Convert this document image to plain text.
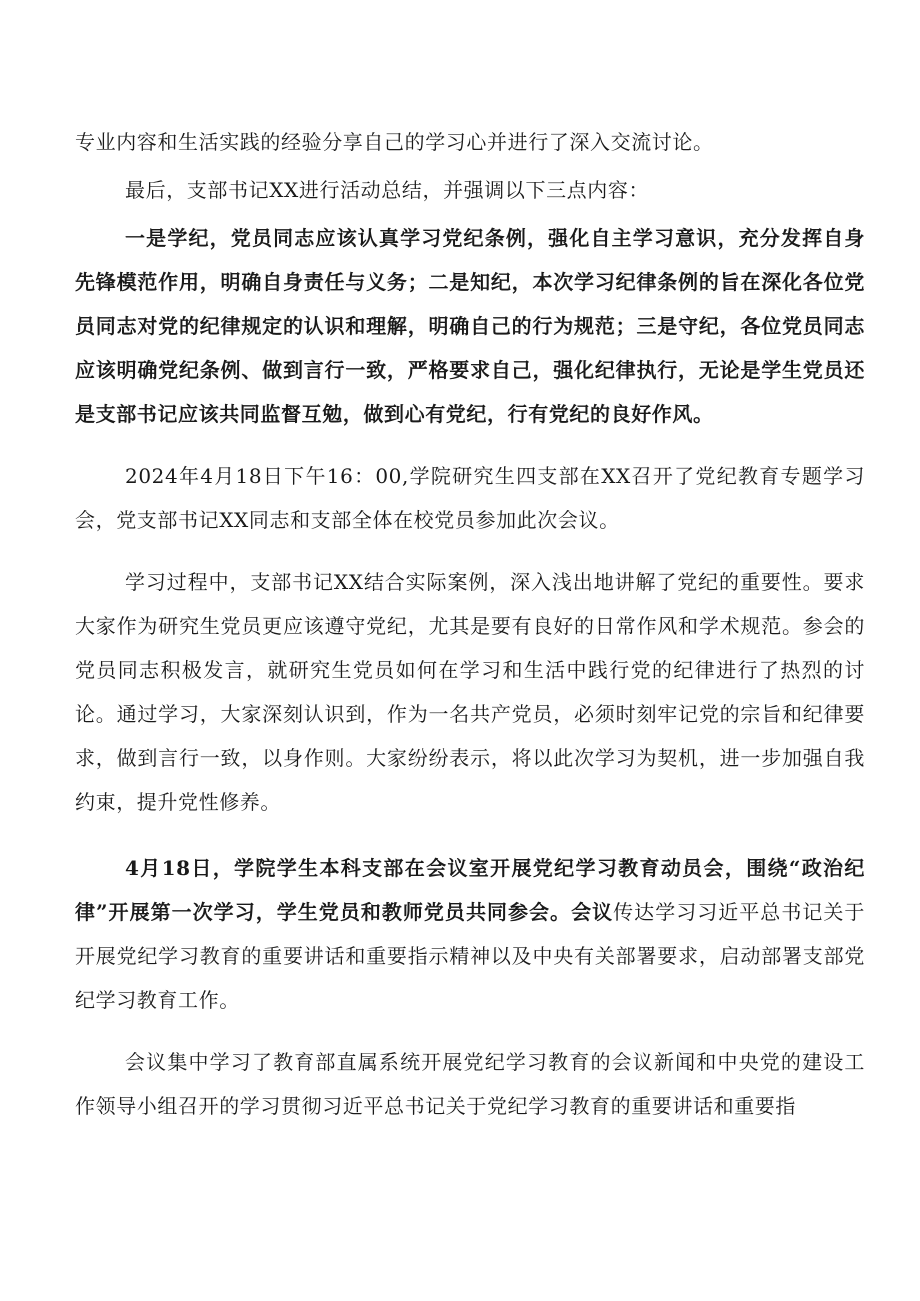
专业内容和生活实践的经验分享自己的学习心并进行了深入交流讨论。

最后，支部书记XX进行活动总结，并强调以下三点内容：

一是学纪，党员同志应该认真学习党纪条例，强化自主学习意识，充分发挥自身先锋模范作用，明确自身责任与义务；二是知纪，本次学习纪律条例的旨在深化各位党员同志对党的纪律规定的认识和理解，明确自己的行为规范；三是守纪，各位党员同志应该明确党纪条例、做到言行一致，严格要求自己，强化纪律执行，无论是学生党员还是支部书记应该共同监督互勉，做到心有党纪，行有党纪的良好作风。

2024年4月18日下午16：00,学院研究生四支部在XX召开了党纪教育专题学习会，党支部书记XX同志和支部全体在校党员参加此次会议。

学习过程中，支部书记XX结合实际案例，深入浅出地讲解了党纪的重要性。要求大家作为研究生党员更应该遵守党纪，尤其是要有良好的日常作风和学术规范。参会的党员同志积极发言，就研究生党员如何在学习和生活中践行党的纪律进行了热烈的讨论。通过学习，大家深刻认识到，作为一名共产党员，必须时刻牢记党的宗旨和纪律要求，做到言行一致，以身作则。大家纷纷表示，将以此次学习为契机，进一步加强自我约束，提升党性修养。

4月18日，学院学生本科支部在会议室开展党纪学习教育动员会，围绕“政治纪律”开展第一次学习，学生党员和教师党员共同参会。会议传达学习习近平总书记关于开展党纪学习教育的重要讲话和重要指示精神以及中央有关部署要求，启动部署支部党纪学习教育工作。

会议集中学习了教育部直属系统开展党纪学习教育的会议新闻和中央党的建设工作领导小组召开的学习贯彻习近平总书记关于党纪学习教育的重要讲话和重要指
